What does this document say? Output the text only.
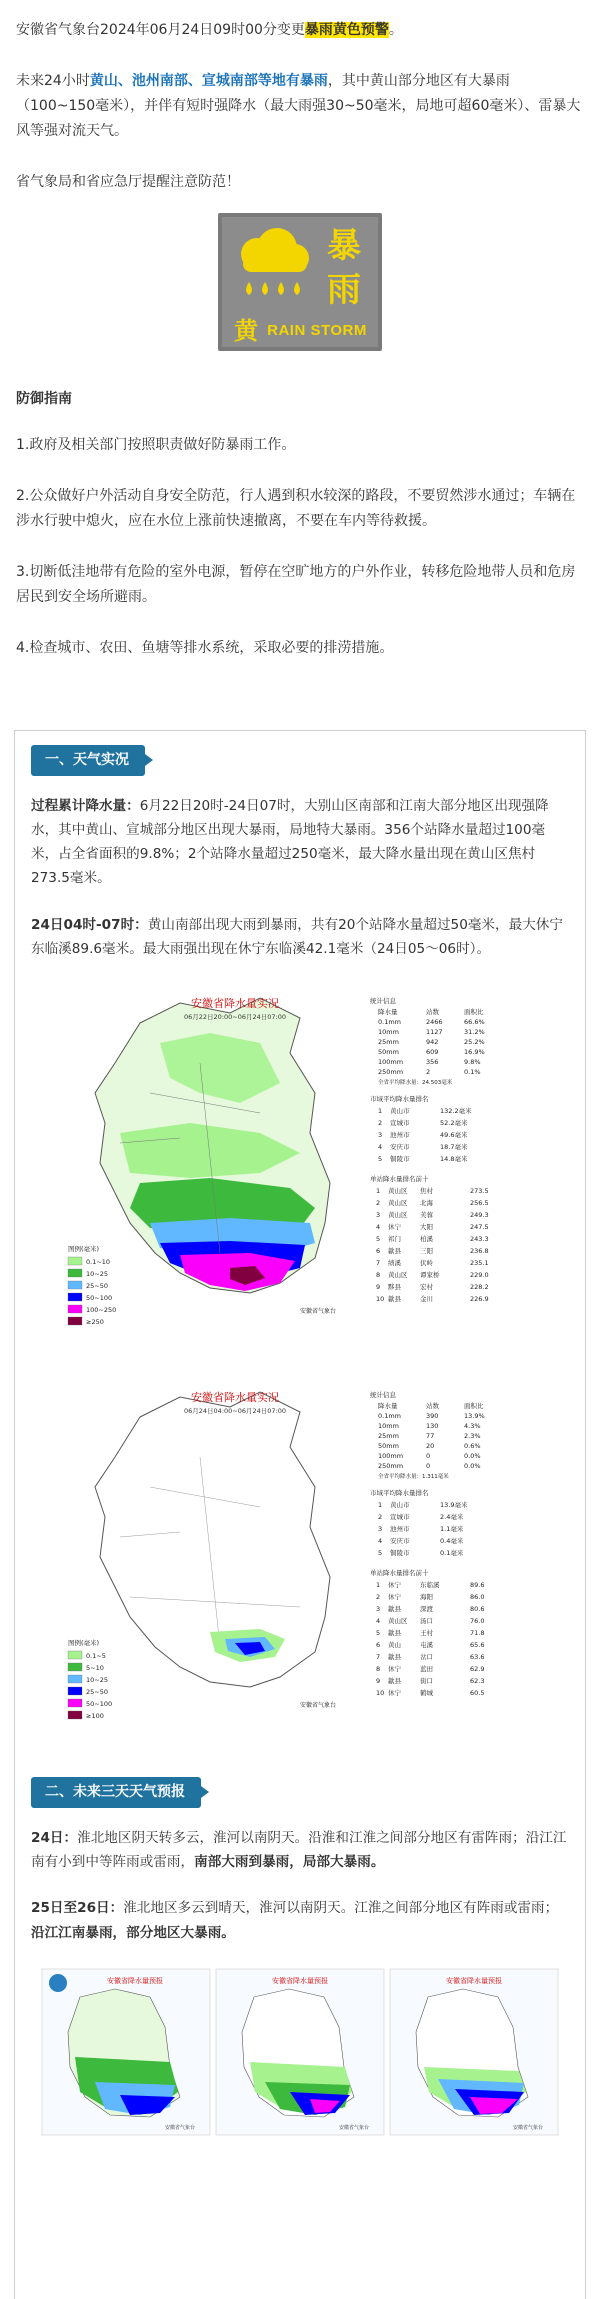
安徽省气象台2024年06月24日09时00分变更暴雨黄色预警。

未来24小时黄山、池州南部、宣城南部等地有暴雨，其中黄山部分地区有大暴雨（100~150毫米），并伴有短时强降水（最大雨强30~50毫米，局地可超60毫米）、雷暴大风等强对流天气。

省气象局和省应急厅提醒注意防范！

暴
雨
黄 RAIN STORM
防御指南

1.政府及相关部门按照职责做好防暴雨工作。

2.公众做好户外活动自身安全防范，行人遇到积水较深的路段，不要贸然涉水通过；车辆在涉水行驶中熄火，应在水位上涨前快速撤离，不要在车内等待救援。

3.切断低洼地带有危险的室外电源，暂停在空旷地方的户外作业，转移危险地带人员和危房居民到安全场所避雨。

4.检查城市、农田、鱼塘等排水系统，采取必要的排涝措施。

一、天气实况

过程累计降水量：6月22日20时-24日07时，大别山区南部和江南大部分地区出现强降水，其中黄山、宣城部分地区出现大暴雨，局地特大暴雨。356个站降水量超过100毫米，占全省面积的9.8%；2个站降水量超过250毫米，最大降水量出现在黄山区焦村273.5毫米。

24日04时-07时：黄山南部出现大雨到暴雨，共有20个站降水量超过50毫米，最大休宁东临溪89.6毫米。最大雨强出现在休宁东临溪42.1毫米（24日05～06时）。

安徽省降水量实况
06月22日20:00~06月24日07:00
统计信息
降水量	站数	面积比
0.1mm	2466	66.6%
10mm	1127	31.2%
25mm	942	25.2%
50mm	609	16.9%
100mm	356	9.8%
250mm	2	0.1%
全省平均降水量：24.503毫米
市域平均降水量排名
1 黄山市	132.2毫米
2 宣城市	52.2毫米
3 池州市	49.6毫米
4 安庆市	18.7毫米
5 铜陵市	14.8毫米
单站降水量排名前十
1 黄山区 焦村	273.5
2 黄山区 北海	256.5
3 黄山区 芙蓉	249.3
4 休宁	大阳	247.5
5 祁门	柏溪	243.3
6 歙县	三阳	236.8
7 绩溪	伏岭	235.1
8 黄山区 谭家桥	229.0
9 黟县	宏村	228.2
10 歙县	金川	226.9
图例(毫米)
0.1~10
10~25
25~50
50~100
100~250
≥250
安徽省气象台
安徽省降水量实况
06月24日04:00~06月24日07:00
统计信息
降水量	站数	面积比
0.1mm	390	13.9%
10mm	130	4.3%
25mm	77	2.3%
50mm	20	0.6%
100mm	0	0.0%
250mm	0	0.0%
全省平均降水量：1.311毫米
市域平均降水量排名
1 黄山市	13.9毫米
2 宣城市	2.4毫米
3 池州市	1.1毫米
4 安庆市	0.4毫米
5 铜陵市	0.1毫米
单站降水量排名前十
1 休宁	东临溪	89.6
2 休宁	海阳	86.0
3 歙县	深渡	80.6
4 黄山区 汤口	76.0
5 歙县	王村	71.8
6 黄山	屯溪	65.6
7 歙县	岔口	63.6
8 休宁	蓝田	62.9
9 歙县	街口	62.3
10 休宁	鹤城	60.5
图例(毫米)
0.1~5
5~10
10~25
25~50
50~100
≥100
安徽省气象台
二、未来三天天气预报

24日：淮北地区阴天转多云，淮河以南阴天。沿淮和江淮之间部分地区有雷阵雨；沿江江南有小到中等阵雨或雷雨，南部大雨到暴雨，局部大暴雨。

25日至26日：淮北地区多云到晴天，淮河以南阴天。江淮之间部分地区有阵雨或雷雨；沿江江南暴雨，部分地区大暴雨。

安徽省降水量预报
安徽省气象台
安徽省降水量预报
安徽省气象台
安徽省降水量预报
安徽省气象台
